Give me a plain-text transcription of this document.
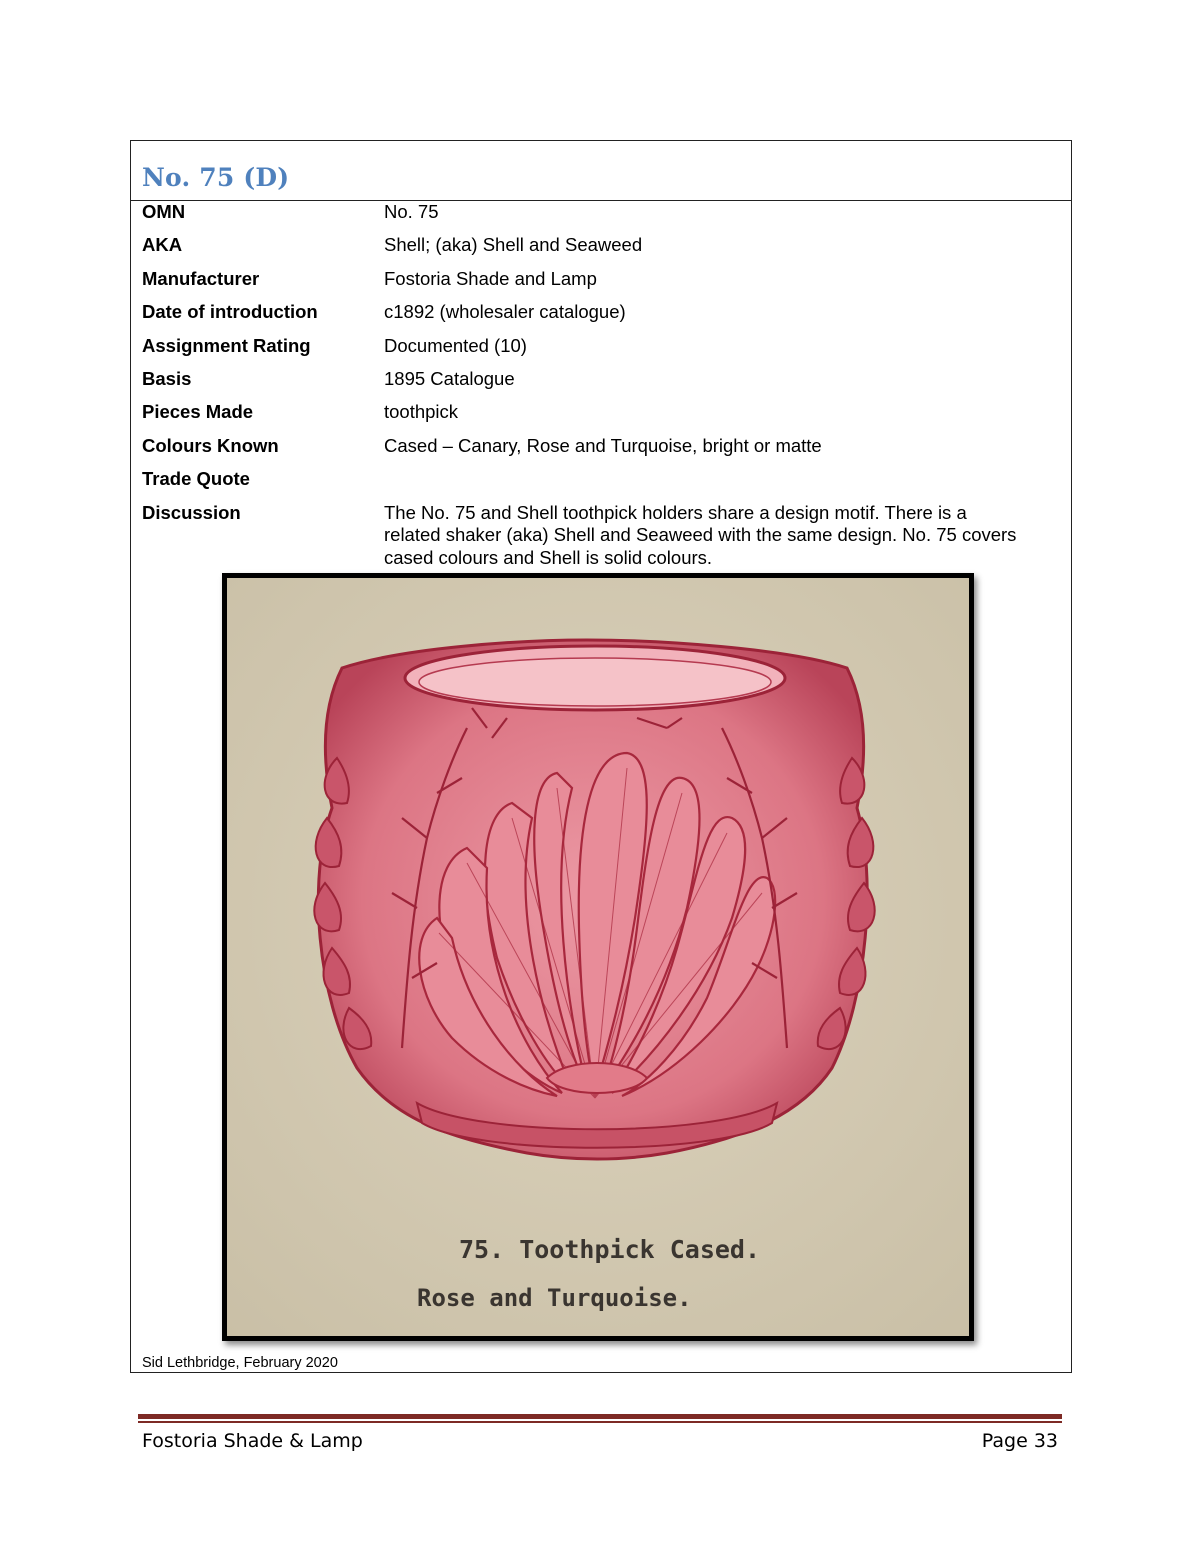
No. 75 (D)
OMN	No. 75
AKA	Shell; (aka) Shell and Seaweed
Manufacturer	Fostoria Shade and Lamp
Date of introduction	c1892 (wholesaler catalogue)
Assignment Rating	Documented (10)
Basis	1895 Catalogue
Pieces Made	toothpick
Colours Known	Cased – Canary, Rose and Turquoise, bright or matte
Trade Quote
Discussion	The No. 75 and Shell toothpick holders share a design motif. There is a related shaker (aka) Shell and Seaweed with the same design. No. 75 covers cased colours and Shell is solid colours.
75. Toothpick Cased.
Rose and Turquoise.
Sid Lethbridge, February 2020
Fostoria Shade & Lamp	Page 33
